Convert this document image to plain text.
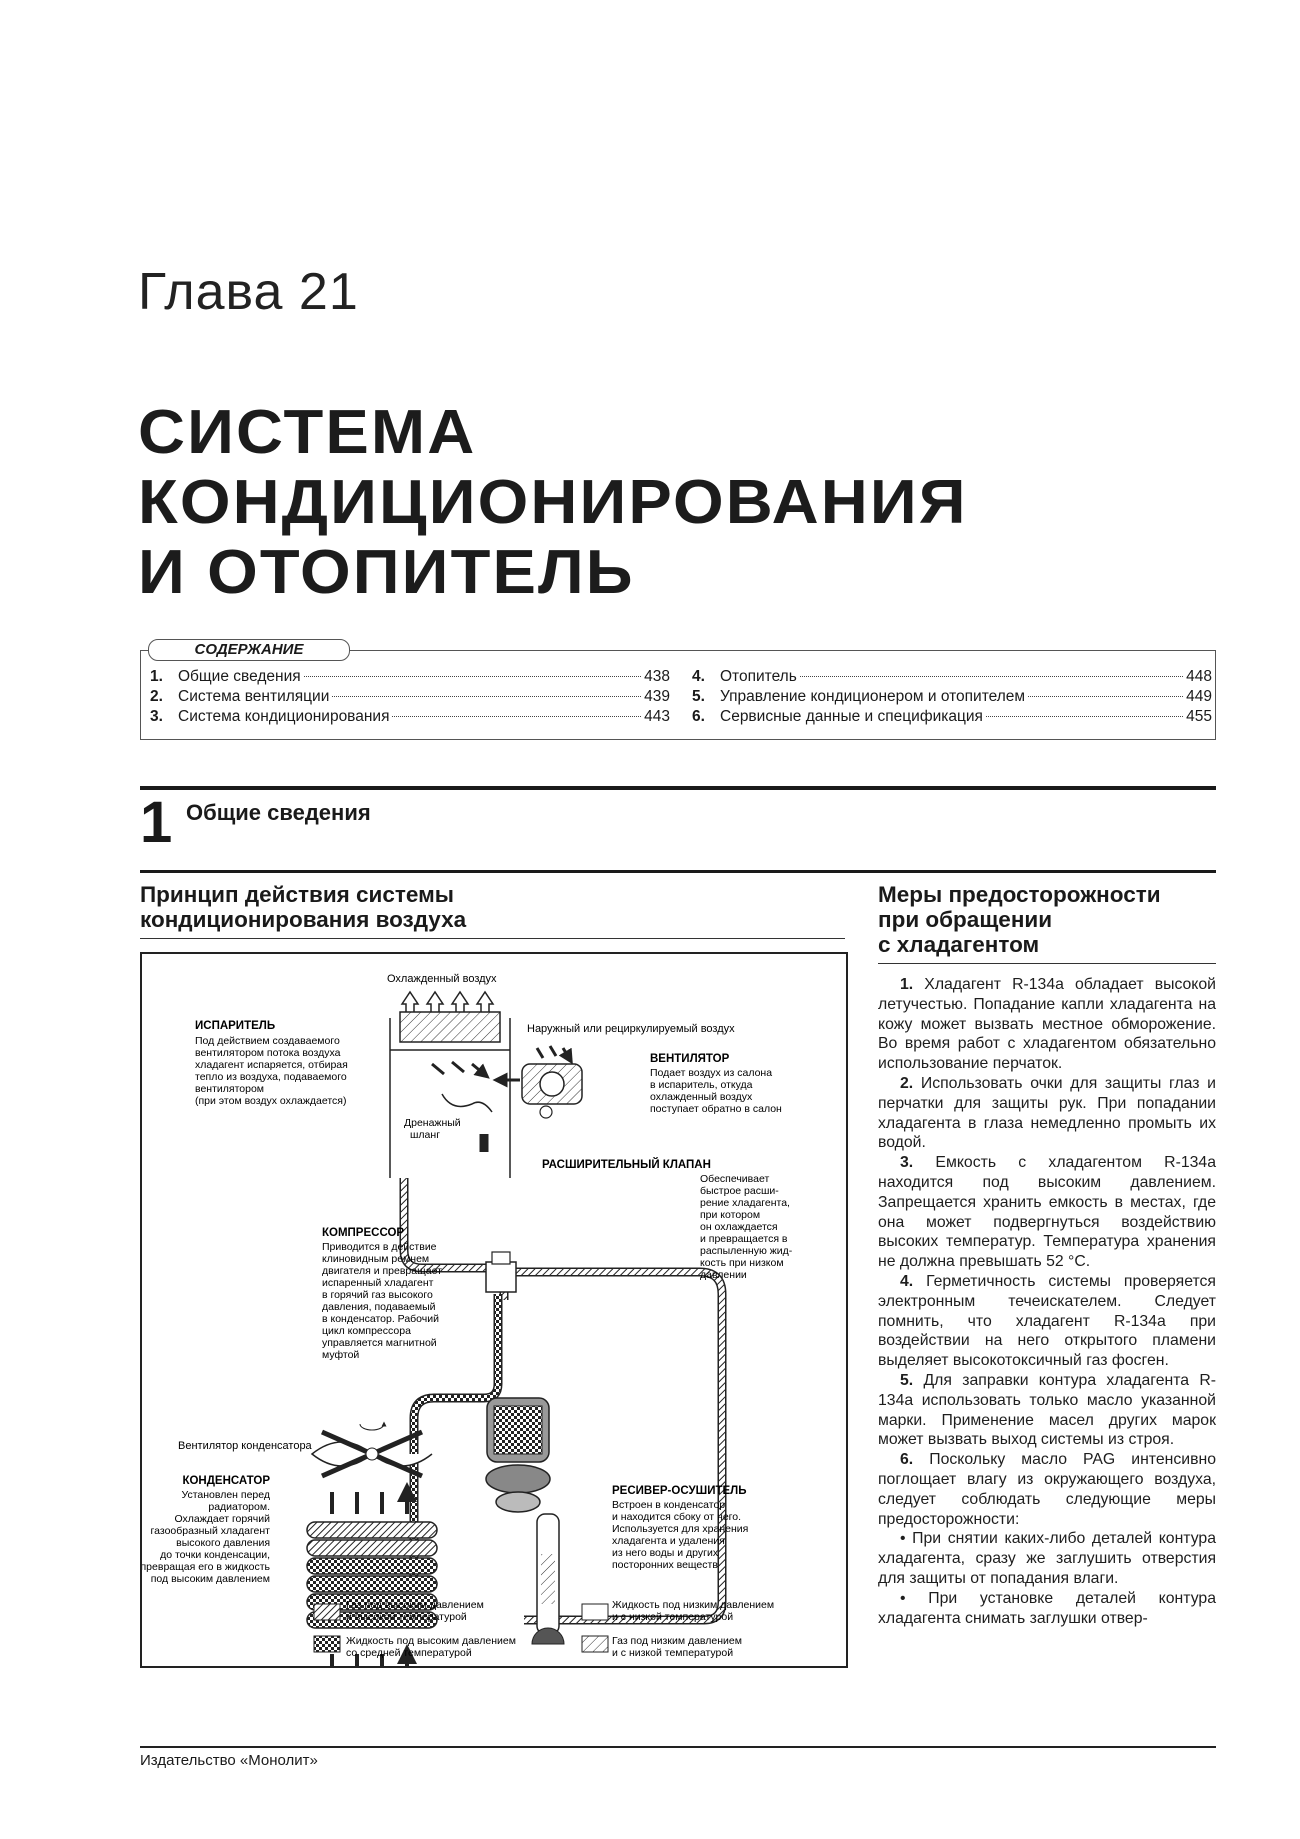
Глава 21
СИСТЕМА
КОНДИЦИОНИРОВАНИЯ
И ОТОПИТЕЛЬ
СОДЕРЖАНИЕ
1. Общие сведения	438
2. Система вентиляции	439
3. Система кондиционирования	443
4. Отопитель	448
5. Управление кондиционером и отопителем	449
6. Сервисные данные и спецификация	455
1 Общие сведения
Принцип действия системы
кондиционирования воздуха
Меры предосторожности
при обращении
с хладагентом
Охлажденный воздух
Наружный или рециркулируемый воздух
Вентилятор конденсатора
ИСПАРИТЕЛЬ
Под действием создаваемого
вентилятором потока воздуха
хладагент испаряется, отбирая
тепло из воздуха, подаваемого
вентилятором
(при этом воздух охлаждается)
ВЕНТИЛЯТОР
Подает воздух из салона
в испаритель, откуда
охлажденный воздух
поступает обратно в салон
Дренажный
шланг
РАСШИРИТЕЛЬНЫЙ КЛАПАН
Обеспечивает
быстрое расши-
рение хладагента,
при котором
он охлаждается
и превращается в
распыленную жид-
кость при низком
давлении
КОМПРЕССОР
Приводится в действие
клиновидным ремнем
двигателя и превращает
испаренный хладагент
в горячий газ высокого
давления, подаваемый
в конденсатор. Рабочий
цикл компрессора
управляется магнитной
муфтой
КОНДЕНСАТОР
Установлен перед
радиатором.
Охлаждает горячий
газообразный хладагент
высокого давления
до точки конденсации,
превращая его в жидкость
под высоким давлением
РЕСИВЕР-ОСУШИТЕЛЬ
Встроен в конденсатор
и находится сбоку от него.
Используется для хранения
хладагента и удаления
из него воды и других
посторонних веществ
Газ под высоким давлением
и высокой температурой
Жидкость под низким давлением
и с низкой температурой
Жидкость под высоким давлением
со средней температурой
Газ под низким давлением
и с низкой температурой

1. Хладагент R-134a обладает высокой летучестью. Попадание капли хладагента на кожу может вызвать местное обморожение. Во время работ с хладагентом обязательно использование перчаток.

2. Использовать очки для защиты глаз и перчатки для защиты рук. При попадании хладагента в глаза немедленно промыть их водой.

3. Емкость с хладагентом R-134a находится под высоким давлением. Запрещается хранить емкость в местах, где она может подвергнуться воздействию высоких температур. Температура хранения не должна превышать 52 °С.

4. Герметичность системы проверяется электронным течеискателем. Следует помнить, что хладагент R-134a при воздействии на него открытого пламени выделяет высокотоксичный газ фосген.

5. Для заправки контура хладагента R-134a использовать только масло указанной марки. Применение масел других марок может вызвать выход системы из строя.

6. Поскольку масло PAG интенсивно поглощает влагу из окружающего воздуха, следует соблюдать следующие меры предосторожности:

• При снятии каких-либо деталей контура хладагента, сразу же заглушить отверстия для защиты от попадания влаги.

• При установке деталей контура хладагента снимать заглушки отвер-

Издательство «Монолит»
